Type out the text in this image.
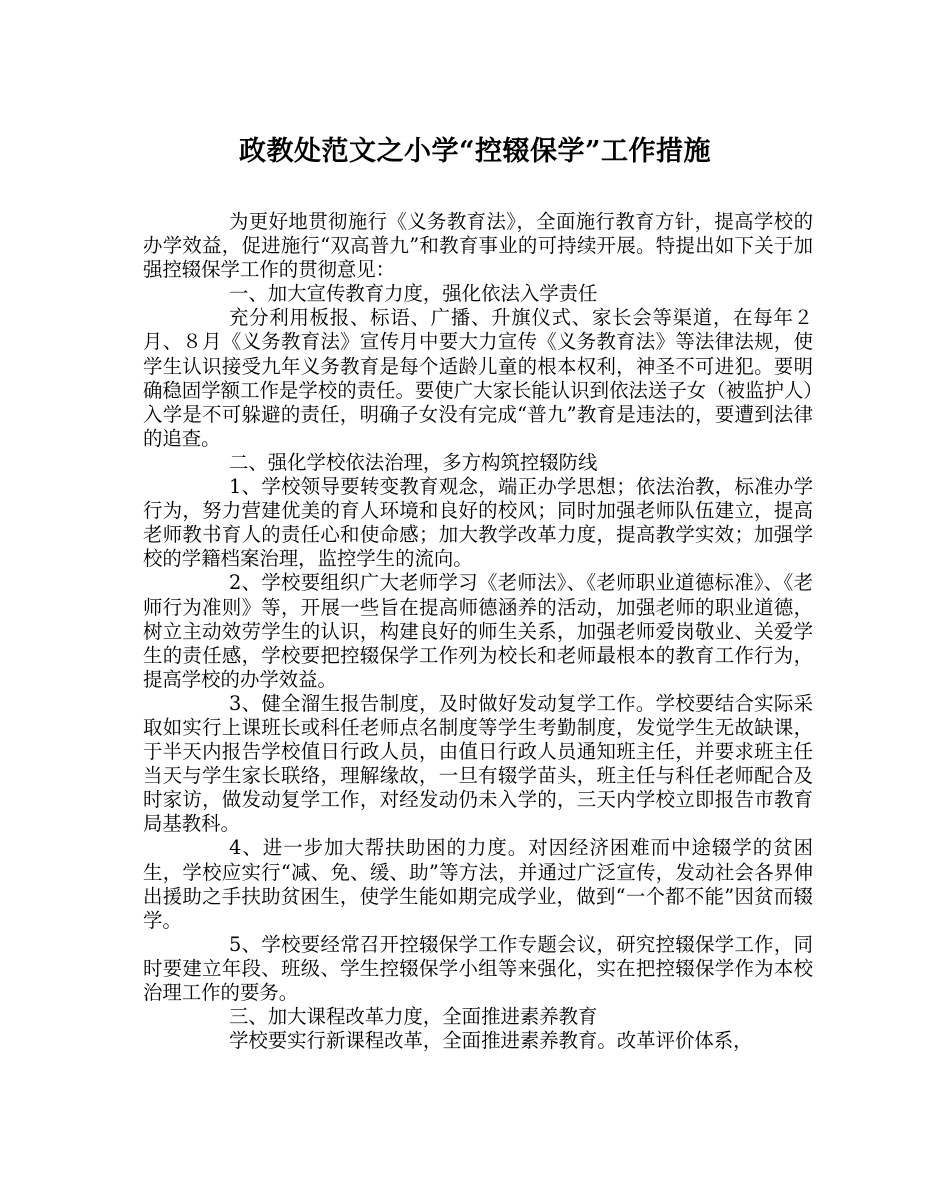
政教处范文之小学“控辍保学”工作措施

为更好地贯彻施行《义务教育法》，全面施行教育方针，提高学校的办学效益，促进施行“双高普九”和教育事业的可持续开展。特提出如下关于加强控辍保学工作的贯彻意见：

一、加大宣传教育力度，强化依法入学责任

充分利用板报、标语、广播、升旗仪式、家长会等渠道，在每年２月、８月《义务教育法》宣传月中要大力宣传《义务教育法》等法律法规，使学生认识接受九年义务教育是每个适龄儿童的根本权利，神圣不可进犯。要明确稳固学额工作是学校的责任。要使广大家长能认识到依法送子女（被监护人）入学是不可躲避的责任，明确子女没有完成“普九”教育是违法的，要遭到法律的追查。

二、强化学校依法治理，多方构筑控辍防线

1、学校领导要转变教育观念，端正办学思想；依法治教，标准办学行为，努力营建优美的育人环境和良好的校风；同时加强老师队伍建立，提高老师教书育人的责任心和使命感；加大教学改革力度，提高教学实效；加强学校的学籍档案治理，监控学生的流向。

2、学校要组织广大老师学习《老师法》、《老师职业道德标准》、《老师行为准则》等，开展一些旨在提高师德涵养的活动，加强老师的职业道德，树立主动效劳学生的认识，构建良好的师生关系，加强老师爱岗敬业、关爱学生的责任感，学校要把控辍保学工作列为校长和老师最根本的教育工作行为，提高学校的办学效益。

3、健全溜生报告制度，及时做好发动复学工作。学校要结合实际采取如实行上课班长或科任老师点名制度等学生考勤制度，发觉学生无故缺课，于半天内报告学校值日行政人员，由值日行政人员通知班主任，并要求班主任当天与学生家长联络，理解缘故，一旦有辍学苗头，班主任与科任老师配合及时家访，做发动复学工作，对经发动仍未入学的，三天内学校立即报告市教育局基教科。

4、进一步加大帮扶助困的力度。对因经济困难而中途辍学的贫困生，学校应实行“减、免、缓、助”等方法，并通过广泛宣传，发动社会各界伸出援助之手扶助贫困生，使学生能如期完成学业，做到“一个都不能”因贫而辍学。

5、学校要经常召开控辍保学工作专题会议，研究控辍保学工作，同时要建立年段、班级、学生控辍保学小组等来强化，实在把控辍保学作为本校治理工作的要务。

三、加大课程改革力度，全面推进素养教育

学校要实行新课程改革，全面推进素养教育。改革评价体系，
